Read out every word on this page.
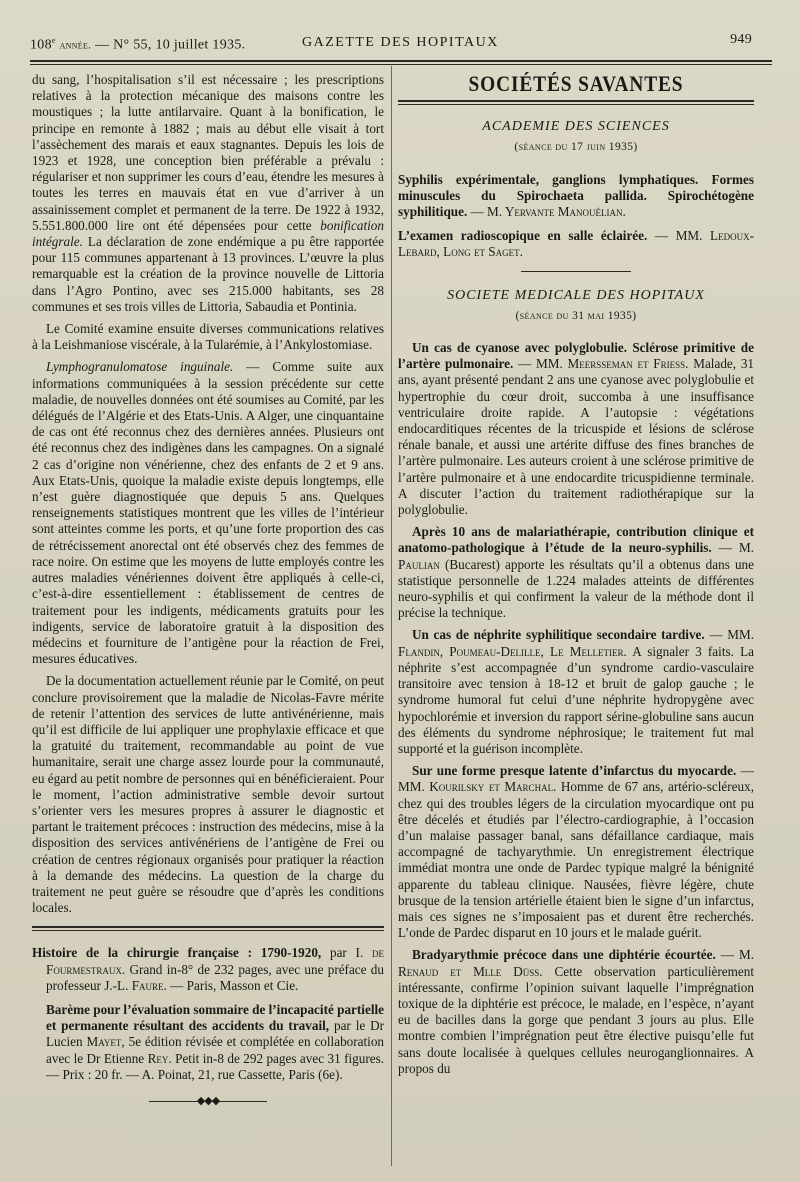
108e année. — N° 55, 10 juillet 1935.	GAZETTE DES HOPITAUX	949

du sang, l’hospitalisation s’il est nécessaire ; les prescriptions relatives à la protection mécanique des maisons contre les moustiques ; la lutte antilarvaire. Quant à la bonification, le principe en remonte à 1882 ; mais au début elle visait à tort l’assèchement des marais et eaux stagnantes. Depuis les lois de 1923 et 1928, une conception bien préférable a prévalu : régulariser et non supprimer les cours d’eau, étendre les mesures à toutes les terres en mauvais état en vue d’arriver à un assainissement complet et permanent de la terre. De 1922 à 1932, 5.551.800.000 lire ont été dépensées pour cette bonification intégrale. La déclaration de zone endémique a pu être rapportée pour 115 communes appartenant à 13 provinces. L’œuvre la plus remarquable est la création de la province nouvelle de Littoria dans l’Agro Pontino, avec ses 215.000 habitants, ses 28 communes et ses trois villes de Littoria, Sabaudia et Pontinia.

Le Comité examine ensuite diverses communications relatives à la Leishmaniose viscérale, à la Tularémie, à l’Ankylostomiase.

Lymphogranulomatose inguinale. — Comme suite aux informations communiquées à la session précédente sur cette maladie, de nouvelles données ont été soumises au Comité, par les délégués de l’Algérie et des Etats-Unis. A Alger, une cinquantaine de cas ont été reconnus chez des dernières années. Plusieurs ont été reconnus chez des indigènes dans les campagnes. On a signalé 2 cas d’origine non vénérienne, chez des enfants de 2 et 9 ans. Aux Etats-Unis, quoique la maladie existe depuis longtemps, elle n’est guère diagnostiquée que depuis 5 ans. Quelques renseignements statistiques montrent que les villes de l’intérieur sont atteintes comme les ports, et qu’une forte proportion des cas de rétrécissement anorectal ont été observés chez des femmes de race noire. On estime que les moyens de lutte employés contre les autres maladies vénériennes doivent être appliqués à celle-ci, c’est-à-dire essentiellement : établissement de centres de traitement pour les indigents, médicaments gratuits pour les indigents, service de laboratoire gratuit à la disposition des médecins et fourniture de l’antigène pour la réaction de Frei, mesures éducatives.

De la documentation actuellement réunie par le Comité, on peut conclure provisoirement que la maladie de Nicolas-Favre mérite de retenir l’attention des services de lutte antivénérienne, mais qu’il est difficile de lui appliquer une prophylaxie efficace et que la gratuité du traitement, recommandable au point de vue humanitaire, serait une charge assez lourde pour la communauté, eu égard au petit nombre de personnes qui en bénéficieraient. Pour le moment, l’action administrative semble devoir surtout s’orienter vers les mesures propres à assurer le diagnostic et partant le traitement précoces : instruction des médecins, mise à la disposition des services antivénériens de l’antigène de Frei ou création de centres régionaux organisés pour pratiquer la réaction à la demande des médecins. La question de la charge du traitement ne peut guère se résoudre que d’après les conditions locales.

Histoire de la chirurgie française : 1790-1920, par I. de Fourmestraux. Grand in-8° de 232 pages, avec une préface du professeur J.-L. Faure. — Paris, Masson et Cie.

Barème pour l’évaluation sommaire de l’incapacité partielle et permanente résultant des accidents du travail, par le Dr Lucien Mayet, 5e édition révisée et complétée en collaboration avec le Dr Etienne Rey. Petit in-8 de 292 pages avec 31 figures. — Prix : 20 fr. — A. Poinat, 21, rue Cassette, Paris (6e).

◆◆◆
SOCIÉTÉS SAVANTES
ACADEMIE DES SCIENCES
(séance du 17 juin 1935)

Syphilis expérimentale, ganglions lymphatiques. Formes minuscules du Spirochaeta pallida. Spirochétogène syphilitique. — M. Yervante Manouélian.

L’examen radioscopique en salle éclairée. — MM. Ledoux-Lebard, Long et Saget.

SOCIETE MEDICALE DES HOPITAUX
(séance du 31 mai 1935)

Un cas de cyanose avec polyglobulie. Sclérose primitive de l’artère pulmonaire. — MM. Meersseman et Friess. Malade, 31 ans, ayant présenté pendant 2 ans une cyanose avec polyglobulie et hypertrophie du cœur droit, succomba à une insuffisance ventriculaire droite rapide. A l’autopsie : végétations endocarditiques récentes de la tricuspide et lésions de sclérose rénale banale, et aussi une artérite diffuse des fines branches de l’artère pulmonaire. Les auteurs croient à une sclérose primitive de l’artère pulmonaire et à une endocardite tricuspidienne terminale. A discuter l’action du traitement radiothérapique sur la polyglobulie.

Après 10 ans de malariathérapie, contribution clinique et anatomo-pathologique à l’étude de la neuro-syphilis. — M. Paulian (Bucarest) apporte les résultats qu’il a obtenus dans une statistique personnelle de 1.224 malades atteints de différentes neuro-syphilis et qui confirment la valeur de la méthode dont il précise la technique.

Un cas de néphrite syphilitique secondaire tardive. — MM. Flandin, Poumeau-Delille, Le Melletier. A signaler 3 faits. La néphrite s’est accompagnée d’un syndrome cardio-vasculaire transitoire avec tension à 18-12 et bruit de galop gauche ; le syndrome humoral fut celui d’une néphrite hydropygène avec hypochlorémie et inversion du rapport sérine-globuline sans aucun des éléments du syndrome néphrosique; le traitement fut mal supporté et la guérison incomplète.

Sur une forme presque latente d’infarctus du myocarde. — MM. Kourilsky et Marchal. Homme de 67 ans, artério-scléreux, chez qui des troubles légers de la circulation myocardique ont pu être décelés et étudiés par l’électro-cardiographie, à l’occasion d’un malaise passager banal, sans défaillance cardiaque, mais accompagné de tachyarythmie. Un enregistrement électrique immédiat montra une onde de Pardec typique malgré la bénignité apparente du tableau clinique. Nausées, fièvre légère, chute brusque de la tension artérielle étaient bien le signe d’un infarctus, mais ces signes ne s’imposaient pas et durent être recherchés. L’onde de Pardec disparut en 10 jours et le malade guérit.

Bradyarythmie précoce dans une diphtérie écourtée. — M. Renaud et Mlle Düss. Cette observation particulièrement intéressante, confirme l’opinion suivant laquelle l’imprégnation toxique de la diphtérie est précoce, le malade, en l’espèce, n’ayant eu de bacilles dans la gorge que pendant 3 jours au plus. Elle montre combien l’imprégnation peut être élective puisqu’elle fut sans doute localisée à quelques cellules neuroganglionnaires. A propos du
